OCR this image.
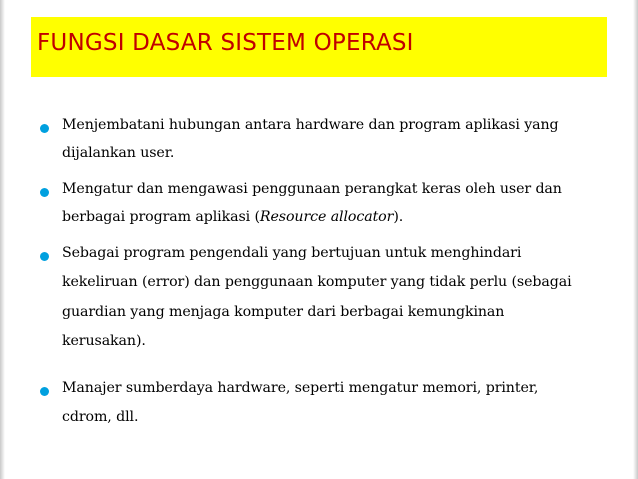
FUNGSI DASAR SISTEM OPERASI
Menjembatani hubungan antara hardware dan program aplikasi yang
dijalankan user.
Mengatur dan mengawasi penggunaan perangkat keras oleh user dan
berbagai program aplikasi (Resource allocator).
Sebagai program pengendali yang bertujuan untuk menghindari
kekeliruan (error) dan penggunaan komputer yang tidak perlu (sebagai
guardian yang menjaga komputer dari berbagai kemungkinan
kerusakan).
Manajer sumberdaya hardware, seperti mengatur memori, printer,
cdrom, dll.
